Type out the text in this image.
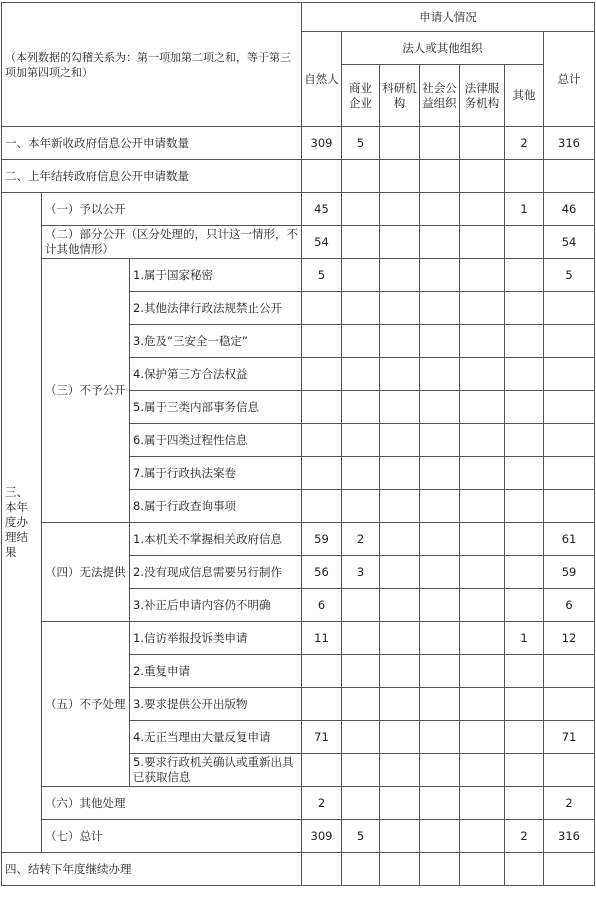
（本列数据的勾稽关系为：第一项加第二项之和，等于第三项加第四项之和）			申请人情况						
			自然人	法人或其他组织					总计
				商业企业	科研机构	社会公益组织	法律服务机构	其他	
一、本年新收政府信息公开申请数量			309	5				2	316
二、上年结转政府信息公开申请数量									
三、本年度办理结果	（一）予以公开		45					1	46
	（二）部分公开（区分处理的，只计这一情形，不计其他情形）		54						54
	（三）不予公开	1.属于国家秘密	5						5
		2.其他法律行政法规禁止公开							
		3.危及“三安全一稳定”							
		4.保护第三方合法权益							
		5.属于三类内部事务信息							
		6.属于四类过程性信息							
		7.属于行政执法案卷							
		8.属于行政查询事项							
	（四）无法提供	1.本机关不掌握相关政府信息	59	2					61
		2.没有现成信息需要另行制作	56	3					59
		3.补正后申请内容仍不明确	6						6
	（五）不予处理	1.信访举报投诉类申请	11					1	12
		2.重复申请							
		3.要求提供公开出版物							
		4.无正当理由大量反复申请	71						71
		5.要求行政机关确认或重新出具已获取信息							
	（六）其他处理		2						2
	（七）总计		309	5				2	316
四、结转下年度继续办理									
